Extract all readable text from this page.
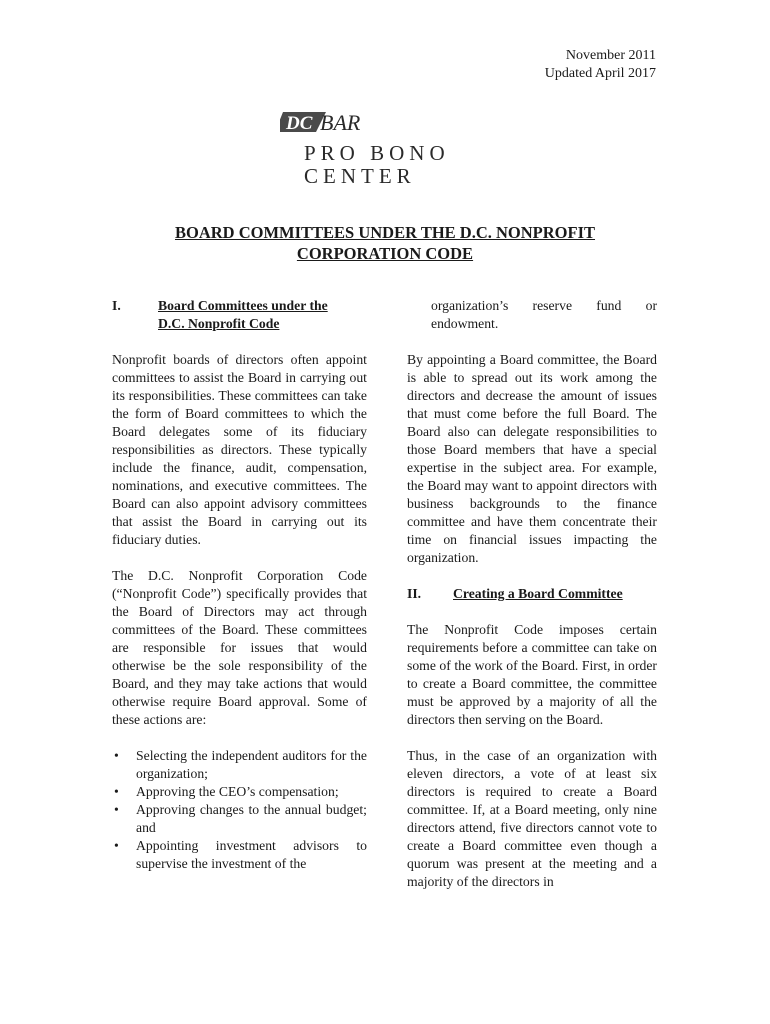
November 2011
Updated April 2017
DC BAR
PRO BONO
CENTER
BOARD COMMITTEES UNDER THE D.C. NONPROFIT
CORPORATION CODE
I.	Board Committees under the
D.C. Nonprofit Code

Nonprofit boards of directors often appoint committees to assist the Board in carrying out its responsibilities. These committees can take the form of Board committees to which the Board delegates some of its fiduciary responsibilities as directors. These typically include the finance, audit, compensation, nominations, and executive committees. The Board can also appoint advisory committees that assist the Board in carrying out its fiduciary duties.

The D.C. Nonprofit Corporation Code (“Nonprofit Code”) specifically provides that the Board of Directors may act through committees of the Board. These committees are responsible for issues that would otherwise be the sole responsibility of the Board, and they may take actions that would otherwise require Board approval. Some of these actions are:

• Selecting the independent auditors for the organization;
• Approving the CEO’s compensation;
• Approving changes to the annual budget; and
• Appointing investment advisors to supervise the investment of the

organization’s reserve fund or endowment.

By appointing a Board committee, the Board is able to spread out its work among the directors and decrease the amount of issues that must come before the full Board. The Board also can delegate responsibilities to those Board members that have a special expertise in the subject area. For example, the Board may want to appoint directors with business backgrounds to the finance committee and have them concentrate their time on financial issues impacting the organization.

II.	Creating a Board Committee

The Nonprofit Code imposes certain requirements before a committee can take on some of the work of the Board. First, in order to create a Board committee, the committee must be approved by a majority of all the directors then serving on the Board.

Thus, in the case of an organization with eleven directors, a vote of at least six directors is required to create a Board committee. If, at a Board meeting, only nine directors attend, five directors cannot vote to create a Board committee even though a quorum was present at the meeting and a majority of the directors in
